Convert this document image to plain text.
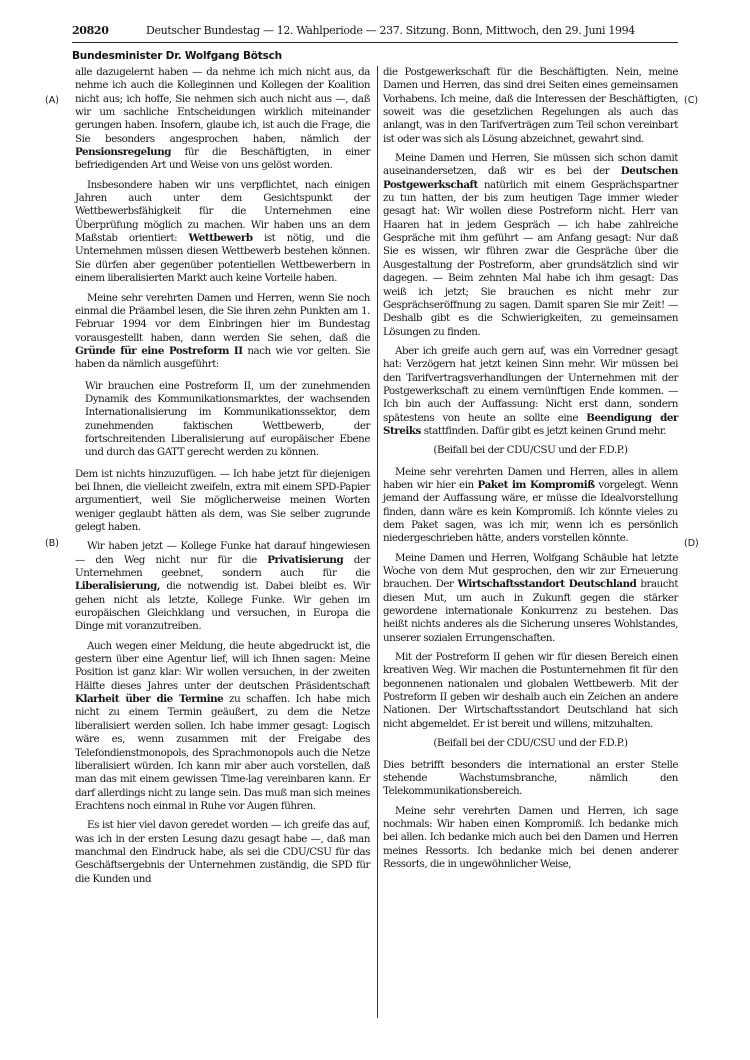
20820	Deutscher Bundestag — 12. Wahlperiode — 237. Sitzung. Bonn, Mittwoch, den 29. Juni 1994
Bundesminister Dr. Wolfgang Bötsch
(A)
(B)
(C)
(D)

alle dazugelernt haben — da nehme ich mich nicht aus, da nehme ich auch die Kolleginnen und Kollegen der Koalition nicht aus; ich hoffe, Sie nehmen sich auch nicht aus —, daß wir um sachliche Entscheidungen wirklich miteinander gerungen haben. Insofern, glaube ich, ist auch die Frage, die Sie besonders angesprochen haben, nämlich der Pensionsregelung für die Beschäftigten, in einer befriedigenden Art und Weise von uns gelöst worden.

Insbesondere haben wir uns verpflichtet, nach einigen Jahren auch unter dem Gesichtspunkt der Wettbewerbsfähigkeit für die Unternehmen eine Überprüfung möglich zu machen. Wir haben uns an dem Maßstab orientiert: Wettbewerb ist nötig, und die Unternehmen müssen diesen Wettbewerb bestehen können. Sie dürfen aber gegenüber potentiellen Wettbewerbern in einem liberalisierten Markt auch keine Vorteile haben.

Meine sehr verehrten Damen und Herren, wenn Sie noch einmal die Präambel lesen, die Sie ihren zehn Punkten am 1. Februar 1994 vor dem Einbringen hier im Bundestag vorausgestellt haben, dann werden Sie sehen, daß die Gründe für eine Postreform II nach wie vor gelten. Sie haben da nämlich ausgeführt:

Wir brauchen eine Postreform II, um der zunehmenden Dynamik des Kommunikationsmarktes, der wachsenden Internationalisierung im Kommunikationssektor, dem zunehmenden faktischen Wettbewerb, der fortschreitenden Liberalisierung auf europäischer Ebene und durch das GATT gerecht werden zu können.

Dem ist nichts hinzuzufügen. — Ich habe jetzt für diejenigen bei Ihnen, die vielleicht zweifeln, extra mit einem SPD-Papier argumentiert, weil Sie möglicherweise meinen Worten weniger geglaubt hätten als dem, was Sie selber zugrunde gelegt haben.

Wir haben jetzt — Kollege Funke hat darauf hingewiesen — den Weg nicht nur für die Privatisierung der Unternehmen geebnet, sondern auch für die Liberalisierung, die notwendig ist. Dabei bleibt es. Wir gehen nicht als letzte, Kollege Funke. Wir gehen im europäischen Gleichklang und versuchen, in Europa die Dinge mit voranzutreiben.

Auch wegen einer Meldung, die heute abgedruckt ist, die gestern über eine Agentur lief, will ich Ihnen sagen: Meine Position ist ganz klar: Wir wollen versuchen, in der zweiten Hälfte dieses Jahres unter der deutschen Präsidentschaft Klarheit über die Termine zu schaffen. Ich habe mich nicht zu einem Termin geäußert, zu dem die Netze liberalisiert werden sollen. Ich habe immer gesagt: Logisch wäre es, wenn zusammen mit der Freigabe des Telefondienstmonopols, des Sprachmonopols auch die Netze liberalisiert würden. Ich kann mir aber auch vorstellen, daß man das mit einem gewissen Time-lag vereinbaren kann. Er darf allerdings nicht zu lange sein. Das muß man sich meines Erachtens noch einmal in Ruhe vor Augen führen.

Es ist hier viel davon geredet worden — ich greife das auf, was ich in der ersten Lesung dazu gesagt habe —, daß man manchmal den Eindruck habe, als sei die CDU/CSU für das Geschäftsergebnis der Unternehmen zuständig, die SPD für die Kunden und

die Postgewerkschaft für die Beschäftigten. Nein, meine Damen und Herren, das sind drei Seiten eines gemeinsamen Vorhabens. Ich meine, daß die Interessen der Beschäftigten, soweit was die gesetzlichen Regelungen als auch das anlangt, was in den Tarifverträgen zum Teil schon vereinbart ist oder was sich als Lösung abzeichnet, gewahrt sind.

Meine Damen und Herren, Sie müssen sich schon damit auseinandersetzen, daß wir es bei der Deutschen Postgewerkschaft natürlich mit einem Gesprächspartner zu tun hatten, der bis zum heutigen Tage immer wieder gesagt hat: Wir wollen diese Postreform nicht. Herr van Haaren hat in jedem Gespräch — ich habe zahlreiche Gespräche mit ihm geführt — am Anfang gesagt: Nur daß Sie es wissen, wir führen zwar die Gespräche über die Ausgestaltung der Postreform, aber grundsätzlich sind wir dagegen. — Beim zehnten Mal habe ich ihm gesagt: Das weiß ich jetzt; Sie brauchen es nicht mehr zur Gesprächseröffnung zu sagen. Damit sparen Sie mir Zeit! — Deshalb gibt es die Schwierigkeiten, zu gemeinsamen Lösungen zu finden.

Aber ich greife auch gern auf, was ein Vorredner gesagt hat: Verzögern hat jetzt keinen Sinn mehr. Wir müssen bei den Tarifvertragsverhandlungen der Unternehmen mit der Postgewerkschaft zu einem vernünftigen Ende kommen. — Ich bin auch der Auffassung: Nicht erst dann, sondern spätestens von heute an sollte eine Beendigung der Streiks stattfinden. Dafür gibt es jetzt keinen Grund mehr.

(Beifall bei der CDU/CSU und der F.D.P.)

Meine sehr verehrten Damen und Herren, alles in allem haben wir hier ein Paket im Kompromiß vorgelegt. Wenn jemand der Auffassung wäre, er müsse die Idealvorstellung finden, dann wäre es kein Kompromiß. Ich könnte vieles zu dem Paket sagen, was ich mir, wenn ich es persönlich niedergeschrieben hätte, anders vorstellen könnte.

Meine Damen und Herren, Wolfgang Schäuble hat letzte Woche von dem Mut gesprochen, den wir zur Erneuerung brauchen. Der Wirtschaftsstandort Deutschland braucht diesen Mut, um auch in Zukunft gegen die stärker gewordene internationale Konkurrenz zu bestehen. Das heißt nichts anderes als die Sicherung unseres Wohlstandes, unserer sozialen Errungenschaften.

Mit der Postreform II gehen wir für diesen Bereich einen kreativen Weg. Wir machen die Postunternehmen fit für den begonnenen nationalen und globalen Wettbewerb. Mit der Postreform II geben wir deshalb auch ein Zeichen an andere Nationen. Der Wirtschaftsstandort Deutschland hat sich nicht abgemeldet. Er ist bereit und willens, mitzuhalten.

(Beifall bei der CDU/CSU und der F.D.P.)

Dies betrifft besonders die international an erster Stelle stehende Wachstumsbranche, nämlich den Telekommunikationsbereich.

Meine sehr verehrten Damen und Herren, ich sage nochmals: Wir haben einen Kompromiß. Ich bedanke mich bei allen. Ich bedanke mich auch bei den Damen und Herren meines Ressorts. Ich bedanke mich bei denen anderer Ressorts, die in ungewöhnlicher Weise,
